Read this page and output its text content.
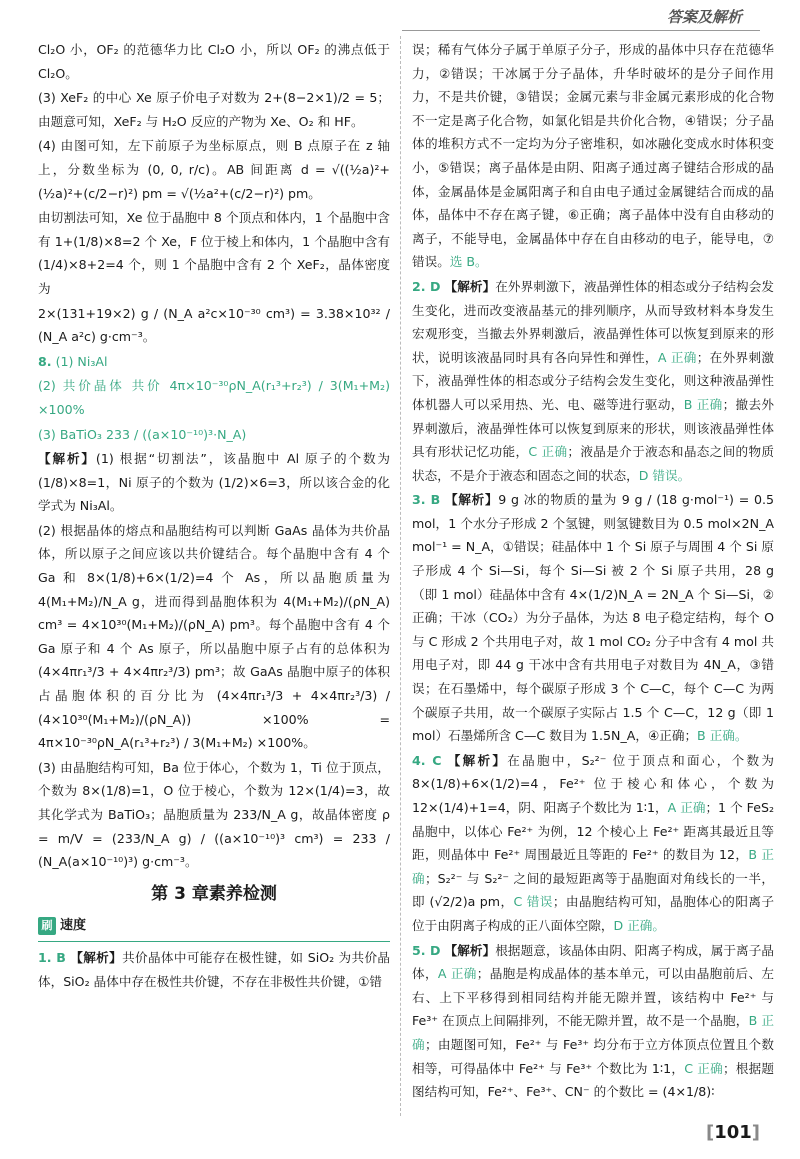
答案及解析

Cl₂O 小，OF₂ 的范德华力比 Cl₂O 小，所以 OF₂ 的沸点低于 Cl₂O。

(3) XeF₂ 的中心 Xe 原子价电子对数为 2+(8−2×1)/2 = 5；由题意可知，XeF₂ 与 H₂O 反应的产物为 Xe、O₂ 和 HF。

(4) 由图可知，左下前原子为坐标原点，则 B 点原子在 z 轴上，分数坐标为 (0, 0, r/c)。AB 间距离 d = √((½a)²+(½a)²+(c/2−r)²) pm = √(½a²+(c/2−r)²) pm。

由切割法可知，Xe 位于晶胞中 8 个顶点和体内，1 个晶胞中含有 1+(1/8)×8=2 个 Xe，F 位于棱上和体内，1 个晶胞中含有 (1/4)×8+2=4 个，则 1 个晶胞中含有 2 个 XeF₂，晶体密度为

2×(131+19×2) g / (N_A a²c×10⁻³⁰ cm³) = 3.38×10³² / (N_A a²c) g·cm⁻³。

8. (1) Ni₃Al

(2) 共价晶体 共价 4π×10⁻³⁰ρN_A(r₁³+r₂³) / 3(M₁+M₂) ×100%

(3) BaTiO₃ 233 / ((a×10⁻¹⁰)³·N_A)

【解析】(1) 根据“切割法”，该晶胞中 Al 原子的个数为 (1/8)×8=1，Ni 原子的个数为 (1/2)×6=3，所以该合金的化学式为 Ni₃Al。

(2) 根据晶体的熔点和晶胞结构可以判断 GaAs 晶体为共价晶体，所以原子之间应该以共价键结合。每个晶胞中含有 4 个 Ga 和 8×(1/8)+6×(1/2)=4 个 As，所以晶胞质量为 4(M₁+M₂)/N_A g，进而得到晶胞体积为 4(M₁+M₂)/(ρN_A) cm³ = 4×10³⁰(M₁+M₂)/(ρN_A) pm³。每个晶胞中含有 4 个 Ga 原子和 4 个 As 原子，所以晶胞中原子占有的总体积为 (4×4πr₁³/3 + 4×4πr₂³/3) pm³；故 GaAs 晶胞中原子的体积占晶胞体积的百分比为 (4×4πr₁³/3 + 4×4πr₂³/3) / (4×10³⁰(M₁+M₂)/(ρN_A)) ×100% = 4π×10⁻³⁰ρN_A(r₁³+r₂³) / 3(M₁+M₂) ×100%。

(3) 由晶胞结构可知，Ba 位于体心，个数为 1，Ti 位于顶点，个数为 8×(1/8)=1，O 位于棱心，个数为 12×(1/4)=3，故其化学式为 BaTiO₃；晶胞质量为 233/N_A g，故晶体密度 ρ = m/V = (233/N_A g) / ((a×10⁻¹⁰)³ cm³) = 233 / (N_A(a×10⁻¹⁰)³) g·cm⁻³。

第 3 章素养检测
刷 速度

1. B 【解析】共价晶体中可能存在极性键，如 SiO₂ 为共价晶体，SiO₂ 晶体中存在极性共价键，不存在非极性共价键，①错

误；稀有气体分子属于单原子分子，形成的晶体中只存在范德华力，②错误；干冰属于分子晶体，升华时破坏的是分子间作用力，不是共价键，③错误；金属元素与非金属元素形成的化合物不一定是离子化合物，如氯化铝是共价化合物，④错误；分子晶体的堆积方式不一定均为分子密堆积，如冰融化变成水时体积变小，⑤错误；离子晶体是由阴、阳离子通过离子键结合形成的晶体，金属晶体是金属阳离子和自由电子通过金属键结合而成的晶体，晶体中不存在离子键，⑥正确；离子晶体中没有自由移动的离子，不能导电，金属晶体中存在自由移动的电子，能导电，⑦错误。选 B。

2. D 【解析】在外界刺激下，液晶弹性体的相态或分子结构会发生变化，进而改变液晶基元的排列顺序，从而导致材料本身发生宏观形变，当撤去外界刺激后，液晶弹性体可以恢复到原来的形状，说明该液晶同时具有各向异性和弹性，A 正确；在外界刺激下，液晶弹性体的相态或分子结构会发生变化，则这种液晶弹性体机器人可以采用热、光、电、磁等进行驱动，B 正确；撤去外界刺激后，液晶弹性体可以恢复到原来的形状，则该液晶弹性体具有形状记忆功能，C 正确；液晶是介于液态和晶态之间的物质状态，不是介于液态和固态之间的状态，D 错误。

3. B 【解析】9 g 冰的物质的量为 9 g / (18 g·mol⁻¹) = 0.5 mol，1 个水分子形成 2 个氢键，则氢键数目为 0.5 mol×2N_A mol⁻¹ = N_A，①错误；硅晶体中 1 个 Si 原子与周围 4 个 Si 原子形成 4 个 Si—Si，每个 Si—Si 被 2 个 Si 原子共用，28 g（即 1 mol）硅晶体中含有 4×(1/2)N_A = 2N_A 个 Si—Si，②正确；干冰（CO₂）为分子晶体，为达 8 电子稳定结构，每个 O 与 C 形成 2 个共用电子对，故 1 mol CO₂ 分子中含有 4 mol 共用电子对，即 44 g 干冰中含有共用电子对数目为 4N_A，③错误；在石墨烯中，每个碳原子形成 3 个 C—C，每个 C—C 为两个碳原子共用，故一个碳原子实际占 1.5 个 C—C，12 g（即 1 mol）石墨烯所含 C—C 数目为 1.5N_A，④正确；B 正确。

4. C 【解析】在晶胞中，S₂²⁻ 位于顶点和面心，个数为 8×(1/8)+6×(1/2)=4，Fe²⁺ 位于棱心和体心，个数为 12×(1/4)+1=4，阴、阳离子个数比为 1∶1，A 正确；1 个 FeS₂ 晶胞中，以体心 Fe²⁺ 为例，12 个棱心上 Fe²⁺ 距离其最近且等距，则晶体中 Fe²⁺ 周围最近且等距的 Fe²⁺ 的数目为 12，B 正确；S₂²⁻ 与 S₂²⁻ 之间的最短距离等于晶胞面对角线长的一半，即 (√2/2)a pm，C 错误；由晶胞结构可知，晶胞体心的阳离子位于由阴离子构成的正八面体空隙，D 正确。

5. D 【解析】根据题意，该晶体由阴、阳离子构成，属于离子晶体，A 正确；晶胞是构成晶体的基本单元，可以由晶胞前后、左右、上下平移得到相同结构并能无隙并置，该结构中 Fe²⁺ 与 Fe³⁺ 在顶点上间隔排列，不能无隙并置，故不是一个晶胞，B 正确；由题图可知，Fe²⁺ 与 Fe³⁺ 均分布于立方体顶点位置且个数相等，可得晶体中 Fe²⁺ 与 Fe³⁺ 个数比为 1∶1，C 正确；根据题图结构可知，Fe²⁺、Fe³⁺、CN⁻ 的个数比 = (4×1/8)∶

[101]
